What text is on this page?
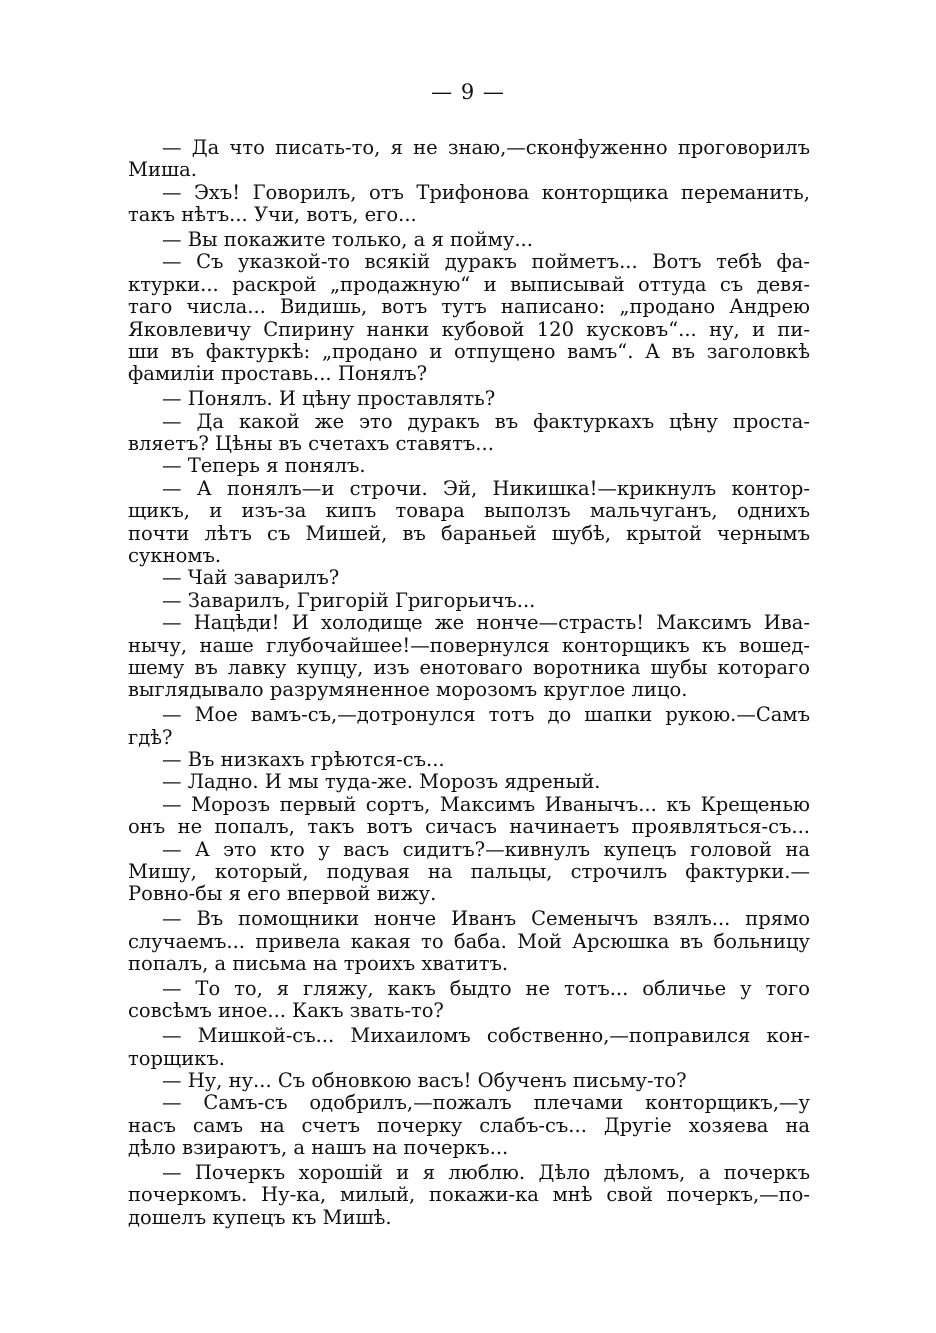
— 9 —
— Да что писать-то, я не знаю,—сконфуженно проговорилъ
Миша.
— Эхъ! Говорилъ, отъ Трифонова конторщика переманить,
такъ нѣтъ... Учи, вотъ, его...
— Вы покажите только, а я пойму...
— Съ указкой-то всякій дуракъ пойметъ... Вотъ тебѣ фа-
ктурки... раскрой „продажную“ и выписывай оттуда съ девя-
таго числа... Видишь, вотъ тутъ написано: „продано Андрею
Яковлевичу Спирину нанки кубовой 120 кусковъ“... ну, и пи-
ши въ фактуркѣ: „продано и отпущено вамъ“. А въ заголовкѣ
фамиліи проставь... Понялъ?
— Понялъ. И цѣну проставлять?
— Да какой же это дуракъ въ фактуркахъ цѣну проста-
вляетъ? Цѣны въ счетахъ ставятъ...
— Теперь я понялъ.
— А понялъ—и строчи. Эй, Никишка!—крикнулъ контор-
щикъ, и изъ-за кипъ товара выползъ мальчуганъ, однихъ
почти лѣтъ съ Мишей, въ бараньей шубѣ, крытой чернымъ
сукномъ.
— Чай заварилъ?
— Заварилъ, Григорій Григорьичъ...
— Нацѣди! И холодище же нонче—страсть! Максимъ Ива-
нычу, наше глубочайшее!—повернулся конторщикъ къ вошед-
шему въ лавку купцу, изъ енотоваго воротника шубы котораго
выглядывало разрумяненное морозомъ круглое лицо.
— Мое вамъ-съ,—дотронулся тотъ до шапки рукою.—Самъ
гдѣ?
— Въ низкахъ грѣются-съ...
— Ладно. И мы туда-же. Морозъ ядреный.
— Морозъ первый сортъ, Максимъ Иванычъ... къ Крещенью
онъ не попалъ, такъ вотъ сичасъ начинаетъ проявляться-съ...
— А это кто у васъ сидитъ?—кивнулъ купецъ головой на
Мишу, который, подувая на пальцы, строчилъ фактурки.—
Ровно-бы я его впервой вижу.
— Въ помощники нонче Иванъ Семенычъ взялъ... прямо
случаемъ... привела какая то баба. Мой Арсюшка въ больницу
попалъ, а письма на троихъ хватитъ.
— То то, я гляжу, какъ быдто не тотъ... обличье у того
совсѣмъ иное... Какъ звать-то?
— Мишкой-съ... Михаиломъ собственно,—поправился кон-
торщикъ.
— Ну, ну... Съ обновкою васъ! Обученъ письму-то?
— Самъ-съ одобрилъ,—пожалъ плечами конторщикъ,—у
насъ самъ на счетъ почерку слабъ-съ... Другіе хозяева на
дѣло взираютъ, а нашъ на почеркъ...
— Почеркъ хорошій и я люблю. Дѣло дѣломъ, а почеркъ
почеркомъ. Ну-ка, милый, покажи-ка мнѣ свой почеркъ,—по-
дошелъ купецъ къ Мишѣ.
